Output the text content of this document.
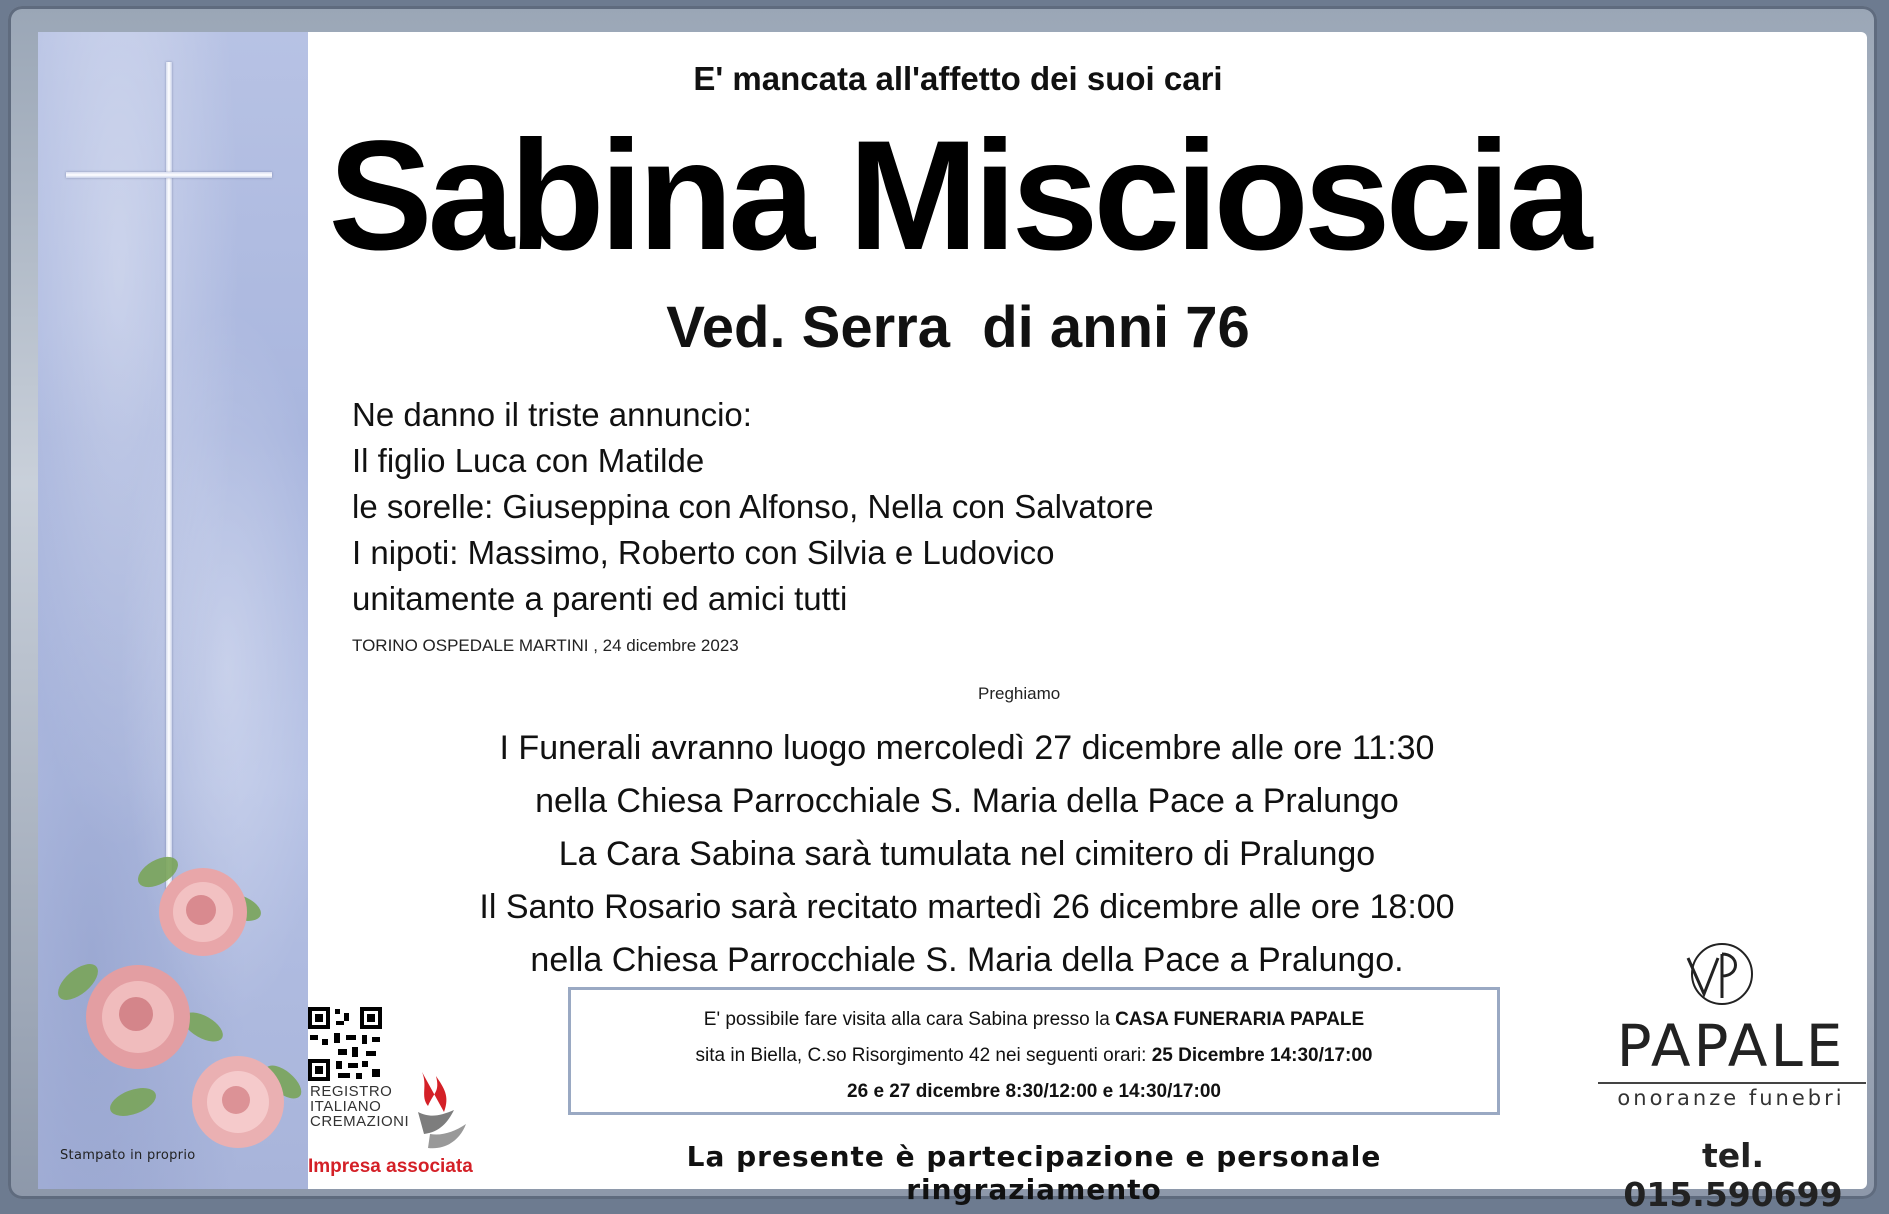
Stampato in proprio
E' mancata all'affetto dei suoi cari
Sabina Miscioscia
Ved. Serra  di anni 76
Ne danno il triste annuncio:
Il figlio Luca con Matilde
le sorelle: Giuseppina con Alfonso, Nella con Salvatore
I nipoti: Massimo, Roberto con Silvia e Ludovico
unitamente a parenti ed amici tutti
TORINO OSPEDALE MARTINI , 24 dicembre 2023
Preghiamo
I Funerali avranno luogo mercoledì 27 dicembre alle ore 11:30
nella Chiesa Parrocchiale S. Maria della Pace a Pralungo
La Cara Sabina sarà tumulata nel cimitero di Pralungo
Il Santo Rosario sarà recitato martedì 26 dicembre alle ore 18:00
nella Chiesa Parrocchiale S. Maria della Pace a Pralungo.
E' possibile fare visita alla cara Sabina presso la CASA FUNERARIA PAPALE
sita in Biella, C.so Risorgimento 42 nei seguenti orari: 25 Dicembre 14:30/17:00
26 e 27 dicembre 8:30/12:00 e 14:30/17:00
La presente è partecipazione e personale ringraziamento
REGISTRO
ITALIANO
CREMAZIONI
Impresa associata
PAPALE
onoranze funebri
tel. 015.590699
